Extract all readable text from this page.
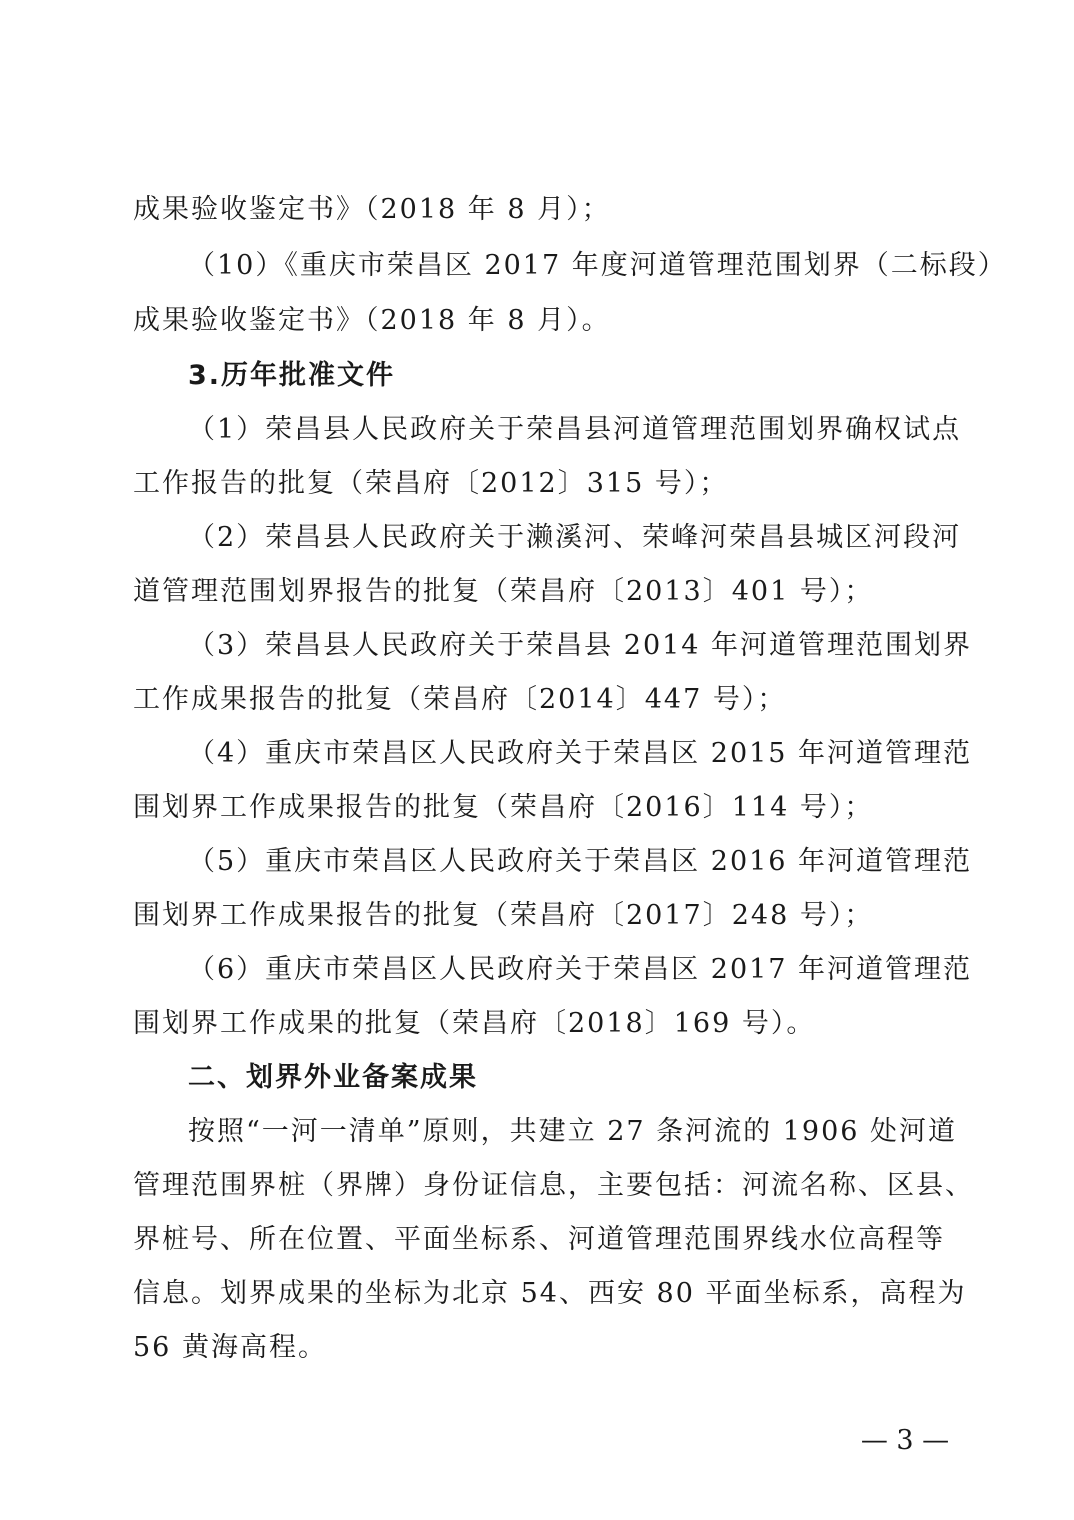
成果验收鉴定书》（2018 年 8 月）；
（10）《重庆市荣昌区 2017 年度河道管理范围划界（二标段）
成果验收鉴定书》（2018 年 8 月）。
3.历年批准文件
（1）荣昌县人民政府关于荣昌县河道管理范围划界确权试点
工作报告的批复（荣昌府〔2012〕315 号）；
（2）荣昌县人民政府关于濑溪河、荣峰河荣昌县城区河段河
道管理范围划界报告的批复（荣昌府〔2013〕401 号）；
（3）荣昌县人民政府关于荣昌县 2014 年河道管理范围划界
工作成果报告的批复（荣昌府〔2014〕447 号）；
（4）重庆市荣昌区人民政府关于荣昌区 2015 年河道管理范
围划界工作成果报告的批复（荣昌府〔2016〕114 号）；
（5）重庆市荣昌区人民政府关于荣昌区 2016 年河道管理范
围划界工作成果报告的批复（荣昌府〔2017〕248 号）；
（6）重庆市荣昌区人民政府关于荣昌区 2017 年河道管理范
围划界工作成果的批复（荣昌府〔2018〕169 号）。
二、划界外业备案成果
按照“一河一清单”原则，共建立 27 条河流的 1906 处河道
管理范围界桩（界牌）身份证信息，主要包括：河流名称、区县、
界桩号、所在位置、平面坐标系、河道管理范围界线水位高程等
信息。划界成果的坐标为北京 54、西安 80 平面坐标系，高程为
56 黄海高程。
— 3 —
